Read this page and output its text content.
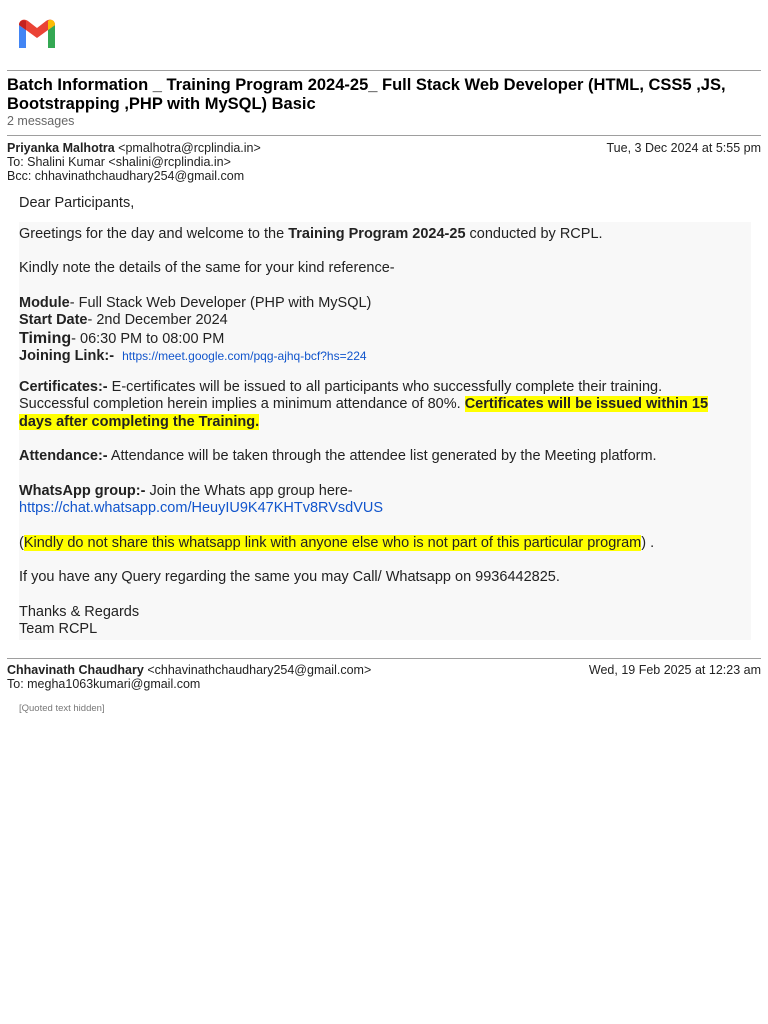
Batch Information _ Training Program 2024-25_ Full Stack Web Developer (HTML, CSS5 ,JS, Bootstrapping ,PHP with MySQL) Basic
2 messages
Priyanka Malhotra <pmalhotra@rcplindia.in>	Tue, 3 Dec 2024 at 5:55 pm
To: Shalini Kumar <shalini@rcplindia.in>
Bcc: chhavinathchaudhary254@gmail.com
Dear Participants,
Greetings for the day and welcome to the Training Program 2024-25 conducted by RCPL.
Kindly note the details of the same for your kind reference-
Module- Full Stack Web Developer (PHP with MySQL)
Start Date- 2nd December 2024
Timing- 06:30 PM to 08:00 PM
Joining Link:- https://meet.google.com/pqg-ajhq-bcf?hs=224
Certificates:- E-certificates will be issued to all participants who successfully complete their training.
Successful completion herein implies a minimum attendance of 80%. Certificates will be issued within 15
days after completing the Training.
Attendance:- Attendance will be taken through the attendee list generated by the Meeting platform.
WhatsApp group:- Join the Whats app group here-
https://chat.whatsapp.com/HeuyIU9K47KHTv8RVsdVUS
(Kindly do not share this whatsapp link with anyone else who is not part of this particular program) .
If you have any Query regarding the same you may Call/ Whatsapp on 9936442825.
Thanks & Regards
Team RCPL
Chhavinath Chaudhary <chhavinathchaudhary254@gmail.com>	Wed, 19 Feb 2025 at 12:23 am
To: megha1063kumari@gmail.com
[Quoted text hidden]
